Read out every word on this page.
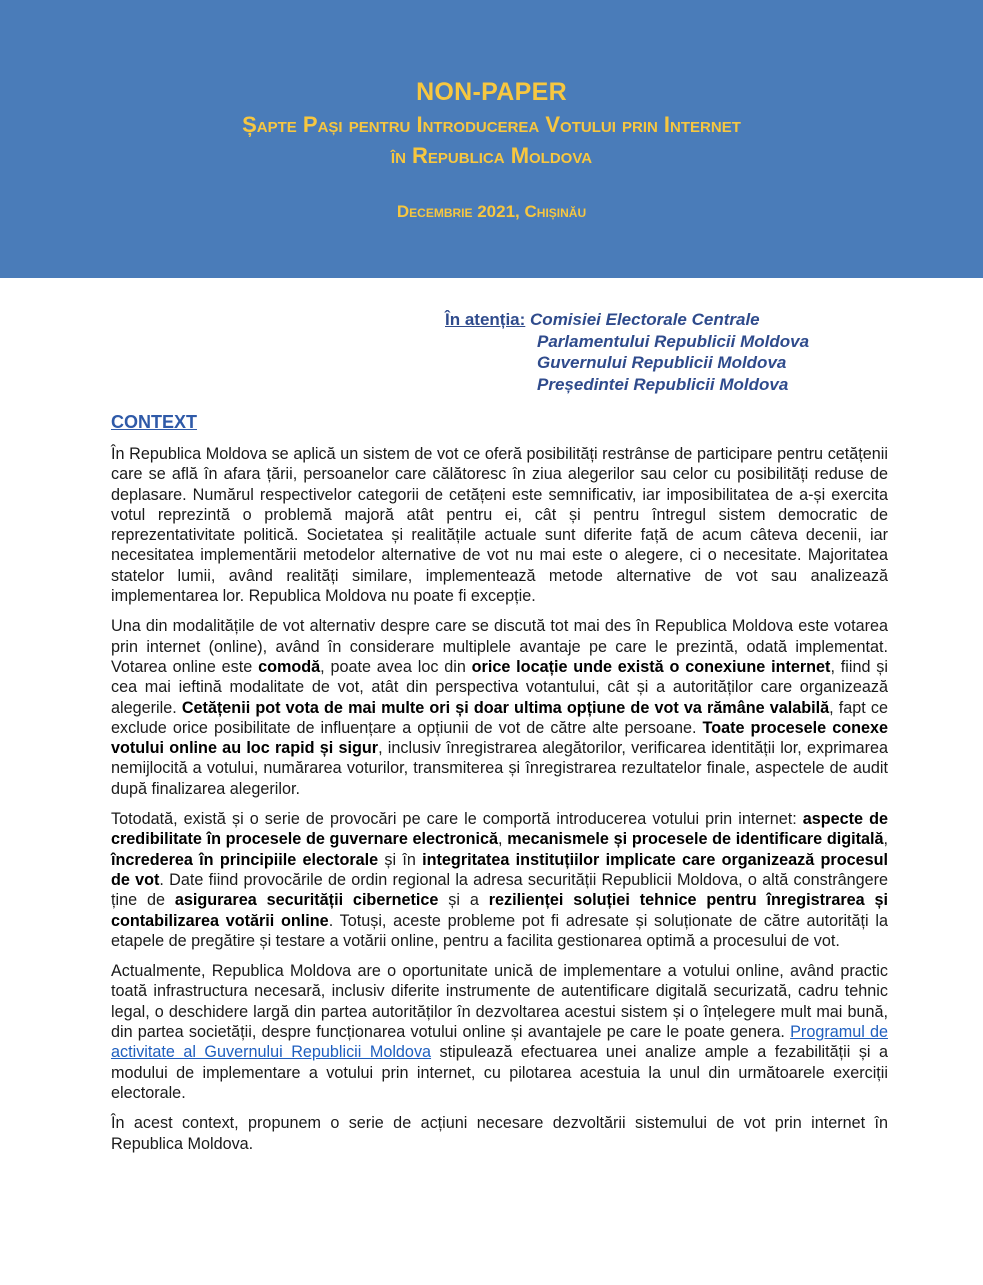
NON-PAPER
Șapte Pași pentru Introducerea Votului prin Internet
în Republica Moldova
Decembrie 2021, Chișinău
În atenția: Comisiei Electorale Centrale
Parlamentului Republicii Moldova
Guvernului Republicii Moldova
Președintei Republicii Moldova
CONTEXT

În Republica Moldova se aplică un sistem de vot ce oferă posibilități restrânse de participare pentru cetățenii care se află în afara țării, persoanelor care călătoresc în ziua alegerilor sau celor cu posibilități reduse de deplasare. Numărul respectivelor categorii de cetățeni este semnificativ, iar imposibilitatea de a-și exercita votul reprezintă o problemă majoră atât pentru ei, cât și pentru întregul sistem democratic de reprezentativitate politică. Societatea și realitățile actuale sunt diferite față de acum câteva decenii, iar necesitatea implementării metodelor alternative de vot nu mai este o alegere, ci o necesitate. Majoritatea statelor lumii, având realități similare, implementează metode alternative de vot sau analizează implementarea lor. Republica Moldova nu poate fi excepție.

Una din modalitățile de vot alternativ despre care se discută tot mai des în Republica Moldova este votarea prin internet (online), având în considerare multiplele avantaje pe care le prezintă, odată implementat. Votarea online este comodă, poate avea loc din orice locație unde există o conexiune internet, fiind și cea mai ieftină modalitate de vot, atât din perspectiva votantului, cât și a autorităților care organizează alegerile. Cetățenii pot vota de mai multe ori și doar ultima opțiune de vot va rămâne valabilă, fapt ce exclude orice posibilitate de influențare a opțiunii de vot de către alte persoane. Toate procesele conexe votului online au loc rapid și sigur, inclusiv înregistrarea alegătorilor, verificarea identității lor, exprimarea nemijlocită a votului, numărarea voturilor, transmiterea și înregistrarea rezultatelor finale, aspectele de audit după finalizarea alegerilor.

Totodată, există și o serie de provocări pe care le comportă introducerea votului prin internet: aspecte de credibilitate în procesele de guvernare electronică, mecanismele și procesele de identificare digitală, încrederea în principiile electorale și în integritatea instituțiilor implicate care organizează procesul de vot. Date fiind provocările de ordin regional la adresa securității Republicii Moldova, o altă constrângere ține de asigurarea securității cibernetice și a rezilienței soluției tehnice pentru înregistrarea și contabilizarea votării online. Totuși, aceste probleme pot fi adresate și soluționate de către autorități la etapele de pregătire și testare a votării online, pentru a facilita gestionarea optimă a procesului de vot.

Actualmente, Republica Moldova are o oportunitate unică de implementare a votului online, având practic toată infrastructura necesară, inclusiv diferite instrumente de autentificare digitală securizată, cadru tehnic legal, o deschidere largă din partea autorităților în dezvoltarea acestui sistem și o înțelegere mult mai bună, din partea societății, despre funcționarea votului online și avantajele pe care le poate genera. Programul de activitate al Guvernului Republicii Moldova stipulează efectuarea unei analize ample a fezabilității și a modului de implementare a votului prin internet, cu pilotarea acestuia la unul din următoarele exerciții electorale.

În acest context, propunem o serie de acțiuni necesare dezvoltării sistemului de vot prin internet în Republica Moldova.
